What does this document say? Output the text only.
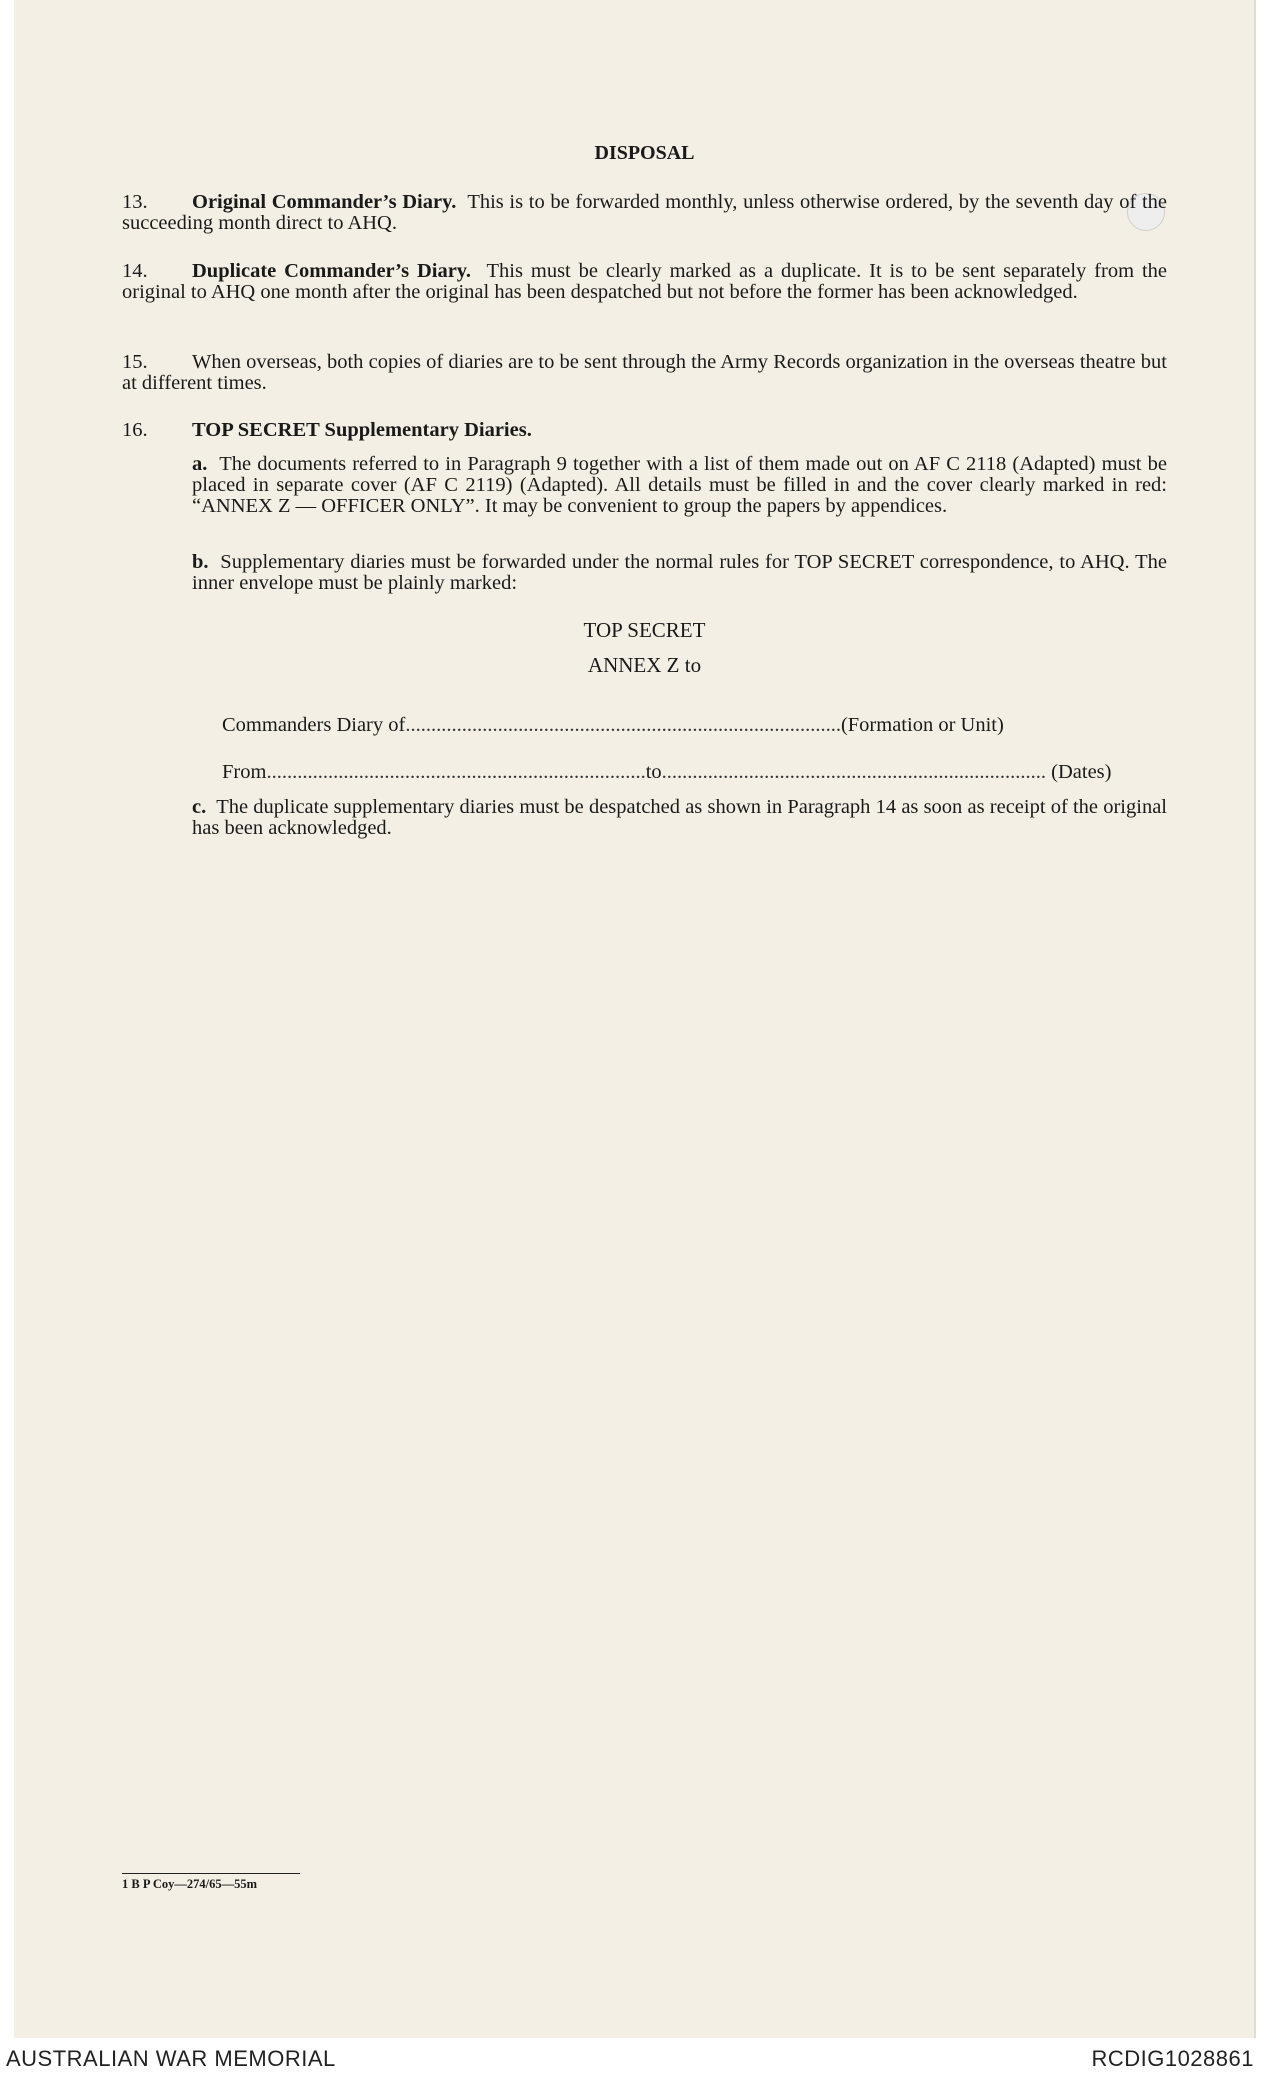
DISPOSAL
13. Original Commander’s Diary. This is to be forwarded monthly, unless otherwise ordered, by the seventh day of the succeeding month direct to AHQ.
14. Duplicate Commander’s Diary. This must be clearly marked as a duplicate. It is to be sent separately from the original to AHQ one month after the original has been despatched but not before the former has been acknowledged.
15. When overseas, both copies of diaries are to be sent through the Army Records organization in the overseas theatre but at different times.
16. TOP SECRET Supplementary Diaries.
a. The documents referred to in Paragraph 9 together with a list of them made out on AF C 2118 (Adapted) must be placed in separate cover (AF C 2119) (Adapted). All details must be filled in and the cover clearly marked in red: “ANNEX Z — OFFICER ONLY”. It may be convenient to group the papers by appendices.
b. Supplementary diaries must be forwarded under the normal rules for TOP SECRET correspondence, to AHQ. The inner envelope must be plainly marked:
TOP SECRET
ANNEX Z to
Commanders Diary of.....................................................................................(Formation or Unit)
From..........................................................................to........................................................................... (Dates)
c. The duplicate supplementary diaries must be despatched as shown in Paragraph 14 as soon as receipt of the original has been acknowledged.
1 B P Coy—274/65—55m
AUSTRALIAN WAR MEMORIAL	RCDIG1028861
